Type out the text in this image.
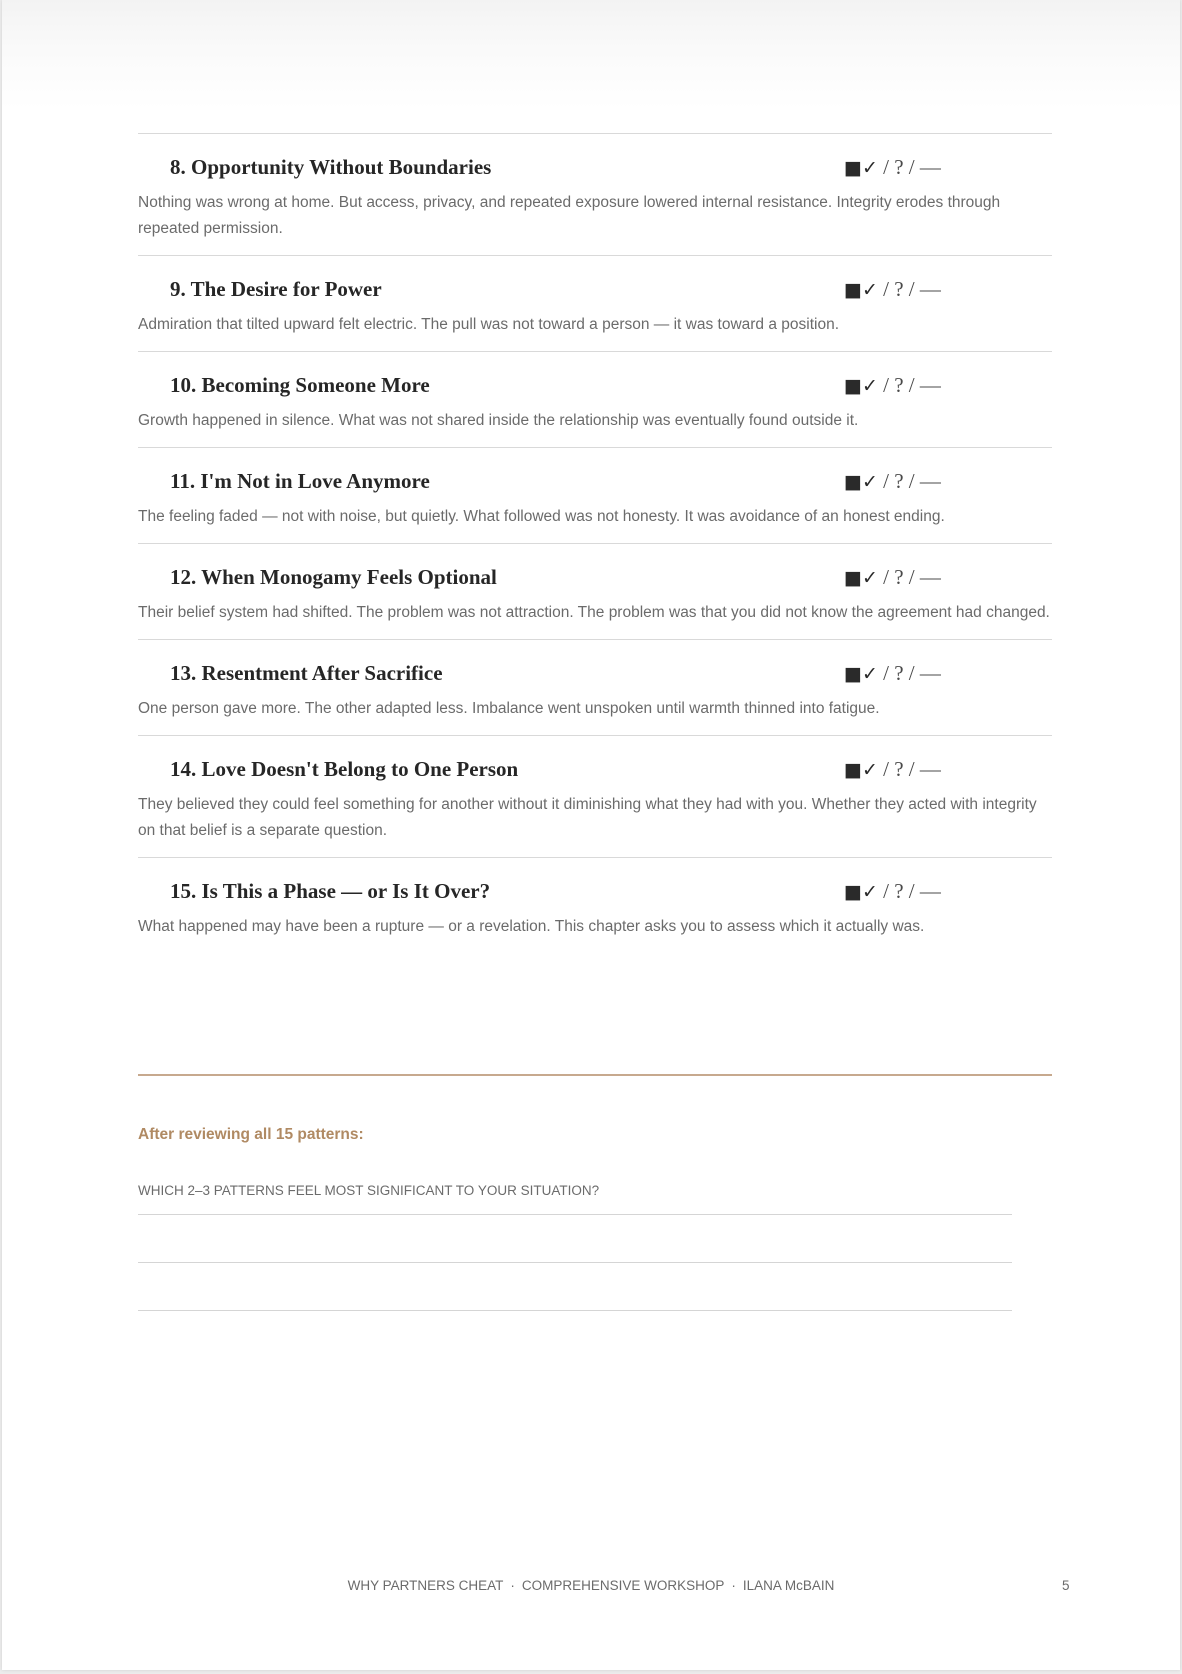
8. Opportunity Without Boundaries	■✓ / ? / —

Nothing was wrong at home. But access, privacy, and repeated exposure lowered internal resistance. Integrity erodes through repeated permission.

9. The Desire for Power	■✓ / ? / —

Admiration that tilted upward felt electric. The pull was not toward a person — it was toward a position.

10. Becoming Someone More	■✓ / ? / —

Growth happened in silence. What was not shared inside the relationship was eventually found outside it.

11. I'm Not in Love Anymore	■✓ / ? / —

The feeling faded — not with noise, but quietly. What followed was not honesty. It was avoidance of an honest ending.

12. When Monogamy Feels Optional	■✓ / ? / —

Their belief system had shifted. The problem was not attraction. The problem was that you did not know the agreement had changed.

13. Resentment After Sacrifice	■✓ / ? / —

One person gave more. The other adapted less. Imbalance went unspoken until warmth thinned into fatigue.

14. Love Doesn't Belong to One Person	■✓ / ? / —

They believed they could feel something for another without it diminishing what they had with you. Whether they acted with integrity on that belief is a separate question.

15. Is This a Phase — or Is It Over?	■✓ / ? / —

What happened may have been a rupture — or a revelation. This chapter asks you to assess which it actually was.

After reviewing all 15 patterns:
WHICH 2–3 PATTERNS FEEL MOST SIGNIFICANT TO YOUR SITUATION?
WHY PARTNERS CHEAT · COMPREHENSIVE WORKSHOP · ILANA McBAIN	5
